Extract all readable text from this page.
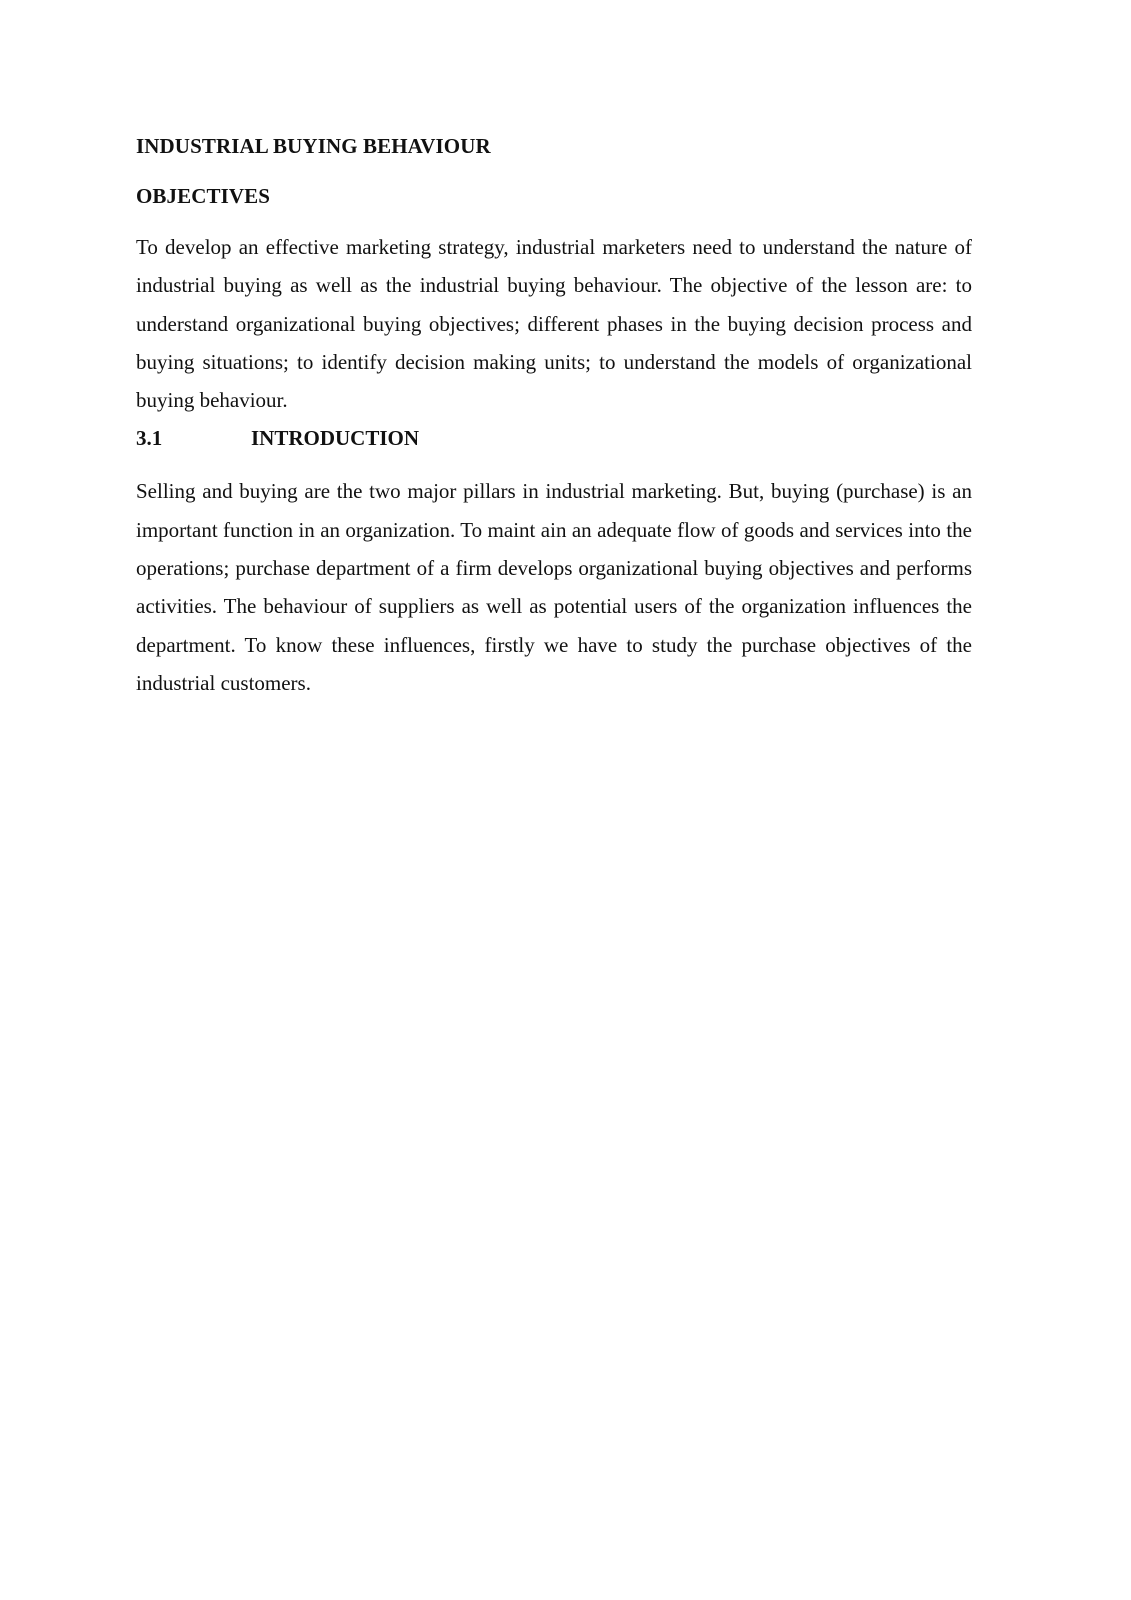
INDUSTRIAL BUYING BEHAVIOUR
OBJECTIVES

To develop an effective marketing strategy, industrial marketers need to understand the nature of industrial buying as well as the industrial buying behaviour. The objective of the lesson are: to understand organizational buying objectives; different phases in the buying decision process and buying situations; to identify decision making units; to understand the models of organizational buying behaviour.

3.1	INTRODUCTION

Selling and buying are the two major pillars in industrial marketing. But, buying (purchase) is an important function in an organization. To maint ain an adequate flow of goods and services into the operations; purchase department of a firm develops organizational buying objectives and performs activities. The behaviour of suppliers as well as potential users of the organization influences the department. To know these influences, firstly we have to study the purchase objectives of the industrial customers.
